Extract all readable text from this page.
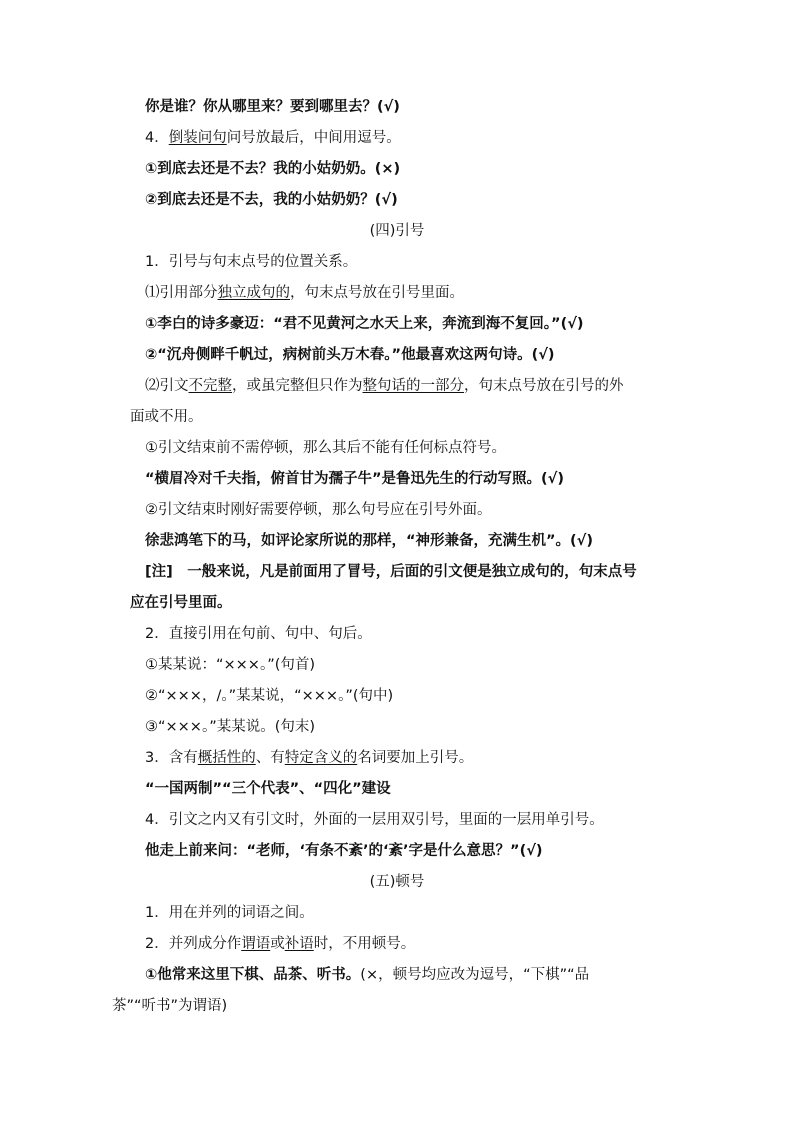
你是谁？你从哪里来？要到哪里去？(√)
4．倒装问句问号放最后，中间用逗号。
①到底去还是不去？我的小姑奶奶。(×)
②到底去还是不去，我的小姑奶奶？(√)
(四)引号
1．引号与句末点号的位置关系。
⑴引用部分独立成句的，句末点号放在引号里面。
①李白的诗多豪迈：“君不见黄河之水天上来，奔流到海不复回。”(√)
②“沉舟侧畔千帆过，病树前头万木春。”他最喜欢这两句诗。(√)
⑵引文不完整，或虽完整但只作为整句话的一部分，句末点号放在引号的外
面或不用。
①引文结束前不需停顿，那么其后不能有任何标点符号。
“横眉冷对千夫指，俯首甘为孺子牛”是鲁迅先生的行动写照。(√)
②引文结束时刚好需要停顿，那么句号应在引号外面。
徐悲鸿笔下的马，如评论家所说的那样，“神形兼备，充满生机”。(√)
[注]　一般来说，凡是前面用了冒号，后面的引文便是独立成句的，句末点号
应在引号里面。
2．直接引用在句前、句中、句后。
①某某说：“×××。”(句首)
②“×××，/。”某某说，“×××。”(句中)
③“×××。”某某说。(句末)
3．含有概括性的、有特定含义的名词要加上引号。
“一国两制”“三个代表”、“四化”建设
4．引文之内又有引文时，外面的一层用双引号，里面的一层用单引号。
他走上前来问：“老师，‘有条不紊’的‘紊’字是什么意思？”(√)
(五)顿号
1．用在并列的词语之间。
2．并列成分作谓语或补语时，不用顿号。
①他常来这里下棋、品茶、听书。(×，顿号均应改为逗号，“下棋”“品
茶”“听书”为谓语)
